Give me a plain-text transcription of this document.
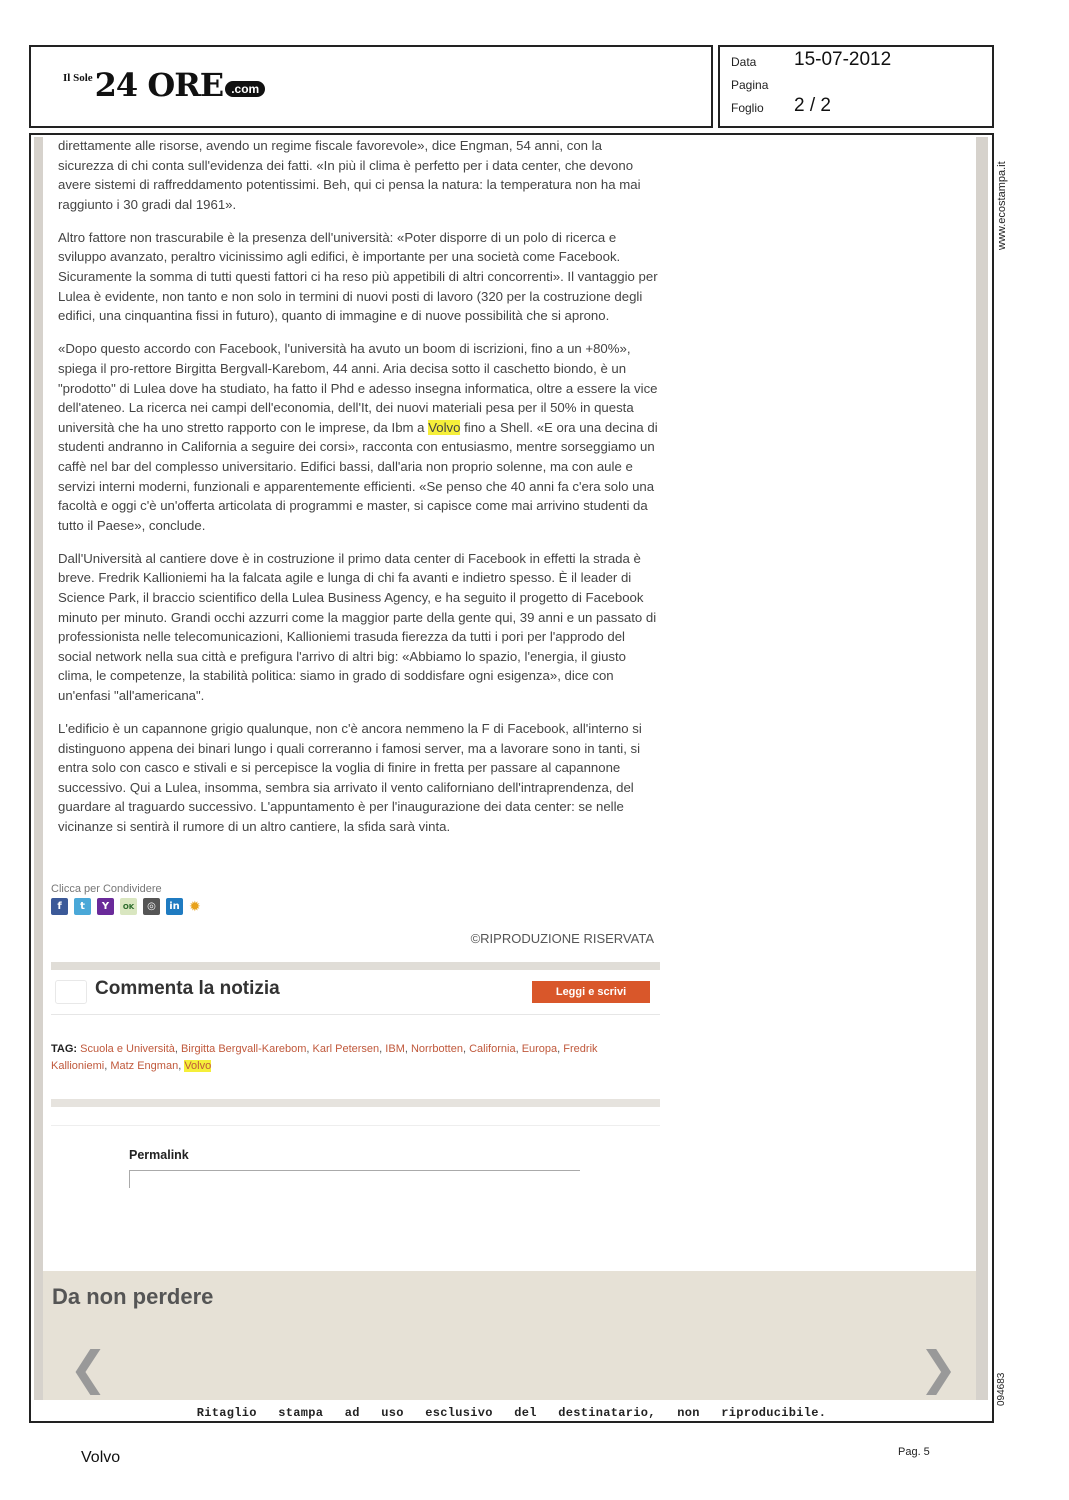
Il Sole 24 ORE .com
Data 15-07-2012
Pagina
Foglio 2 / 2

direttamente alle risorse, avendo un regime fiscale favorevole», dice Engman, 54 anni, con la sicurezza di chi conta sull'evidenza dei fatti. «In più il clima è perfetto per i data center, che devono avere sistemi di raffreddamento potentissimi. Beh, qui ci pensa la natura: la temperatura non ha mai raggiunto i 30 gradi dal 1961».

Altro fattore non trascurabile è la presenza dell'università: «Poter disporre di un polo di ricerca e sviluppo avanzato, peraltro vicinissimo agli edifici, è importante per una società come Facebook. Sicuramente la somma di tutti questi fattori ci ha reso più appetibili di altri concorrenti». Il vantaggio per Lulea è evidente, non tanto e non solo in termini di nuovi posti di lavoro (320 per la costruzione degli edifici, una cinquantina fissi in futuro), quanto di immagine e di nuove possibilità che si aprono.

«Dopo questo accordo con Facebook, l'università ha avuto un boom di iscrizioni, fino a un +80%», spiega il pro-rettore Birgitta Bergvall-Karebom, 44 anni. Aria decisa sotto il caschetto biondo, è un "prodotto" di Lulea dove ha studiato, ha fatto il Phd e adesso insegna informatica, oltre a essere la vice dell'ateneo. La ricerca nei campi dell'economia, dell'It, dei nuovi materiali pesa per il 50% in questa università che ha uno stretto rapporto con le imprese, da Ibm a Volvo fino a Shell. «E ora una decina di studenti andranno in California a seguire dei corsi», racconta con entusiasmo, mentre sorseggiamo un caffè nel bar del complesso universitario. Edifici bassi, dall'aria non proprio solenne, ma con aule e servizi interni moderni, funzionali e apparentemente efficienti. «Se penso che 40 anni fa c'era solo una facoltà e oggi c'è un'offerta articolata di programmi e master, si capisce come mai arrivino studenti da tutto il Paese», conclude.

Dall'Università al cantiere dove è in costruzione il primo data center di Facebook in effetti la strada è breve. Fredrik Kallioniemi ha la falcata agile e lunga di chi fa avanti e indietro spesso. È il leader di Science Park, il braccio scientifico della Lulea Business Agency, e ha seguito il progetto di Facebook minuto per minuto. Grandi occhi azzurri come la maggior parte della gente qui, 39 anni e un passato di professionista nelle telecomunicazioni, Kallioniemi trasuda fierezza da tutti i pori per l'approdo del social network nella sua città e prefigura l'arrivo di altri big: «Abbiamo lo spazio, l'energia, il giusto clima, le competenze, la stabilità politica: siamo in grado di soddisfare ogni esigenza», dice con un'enfasi "all'americana".

L'edificio è un capannone grigio qualunque, non c'è ancora nemmeno la F di Facebook, all'interno si distinguono appena dei binari lungo i quali correranno i famosi server, ma a lavorare sono in tanti, si entra solo con casco e stivali e si percepisce la voglia di finire in fretta per passare al capannone successivo. Qui a Lulea, insomma, sembra sia arrivato il vento californiano dell'intraprendenza, del guardare al traguardo successivo. L'appuntamento è per l'inaugurazione dei data center: se nelle vicinanze si sentirà il rumore di un altro cantiere, la sfida sarà vinta.

Clicca per Condividere
f	t	Y	OK	◎	in ✹
©RIPRODUZIONE RISERVATA
Commenta la notizia	Leggi e scrivi
TAG: Scuola e Università, Birgitta Bergvall-Karebom, Karl Petersen, IBM, Norrbotten, California, Europa, Fredrik Kallioniemi, Matz Engman, Volvo
Permalink
Da non perdere
❮	❯
Ritaglio stampa ad uso esclusivo del destinatario, non riproducibile.
www.ecostampa.it
094683
Volvo	Pag. 5
